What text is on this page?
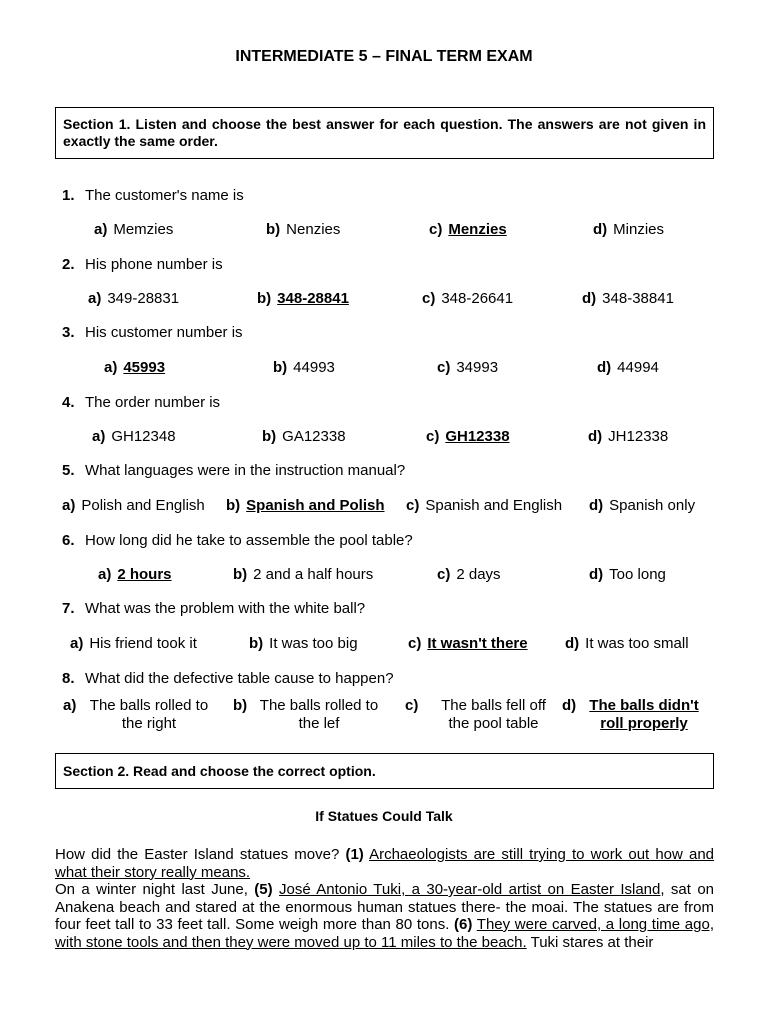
INTERMEDIATE 5 – FINAL TERM EXAM
Section 1. Listen and choose the best answer for each question. The answers are not given in exactly the same order.
1. The customer's name is
a) Memzies	b) Nenzies	c) Menzies	d) Minzies
2. His phone number is
a) 349-28831	b) 348-28841	c) 348-26641	d) 348-38841
3. His customer number is
a) 45993	b) 44993	c) 34993	d) 44994
4. The order number is
a) GH12348	b) GA12338	c) GH12338	d) JH12338
5. What languages were in the instruction manual?
a) Polish and English b) Spanish and Polish c) Spanish and English d) Spanish only
6. How long did he take to assemble the pool table?
a) 2 hours	b) 2 and a half hours	c) 2 days	d) Too long
7. What was the problem with the white ball?
a) His friend took it	b) It was too big	c) It wasn't there d) It was too small
8. What did the defective table cause to happen?
a) The balls rolled to
the right
b) The balls rolled to
the lef
c)	The balls fell off
the pool table
d) The balls didn't
roll properly
Section 2. Read and choose the correct option.
If Statues Could Talk
How did the Easter Island statues move? (1) Archaeologists are still trying to work out how and what their story really means.
On a winter night last June, (5) José Antonio Tuki, a 30-year-old artist on Easter Island, sat on Anakena beach and stared at the enormous human statues there- the moai. The statues are from four feet tall to 33 feet tall. Some weigh more than 80 tons. (6) They were carved, a long time ago, with stone tools and then they were moved up to 11 miles to the beach. Tuki stares at their
